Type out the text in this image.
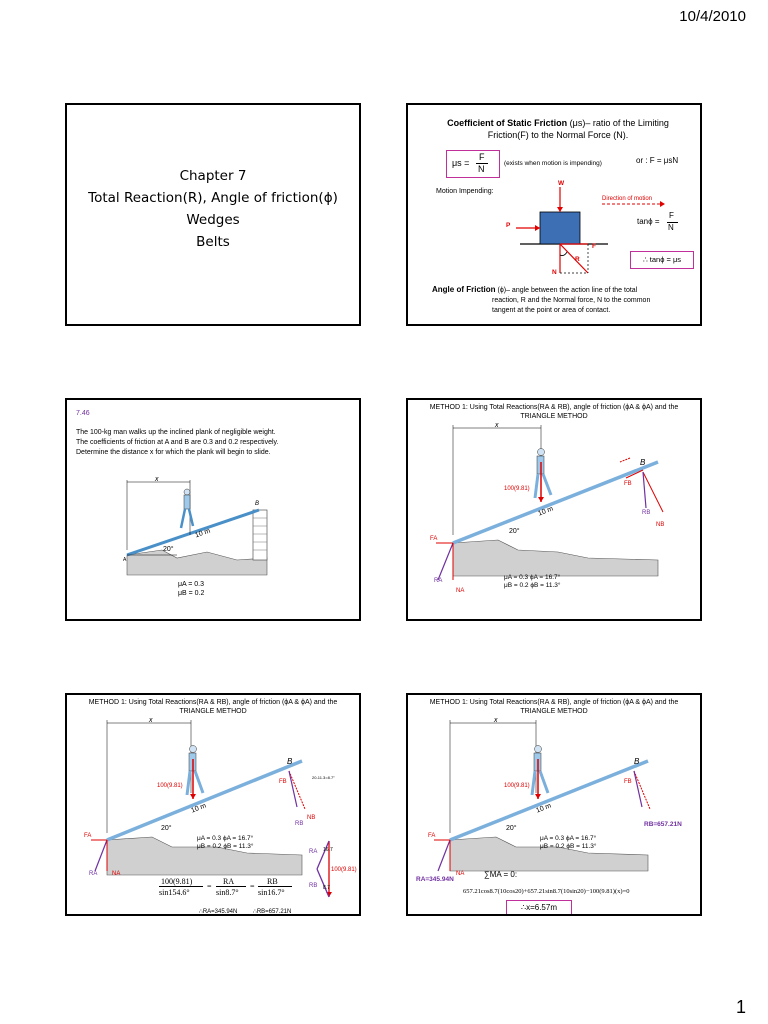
10/4/2010
Chapter 7
Total Reaction(R), Angle of friction(ϕ)
Wedges
Belts
Coefficient of Static Friction (μs)– ratio of the Limiting
Friction(F) to the Normal Force (N).
μs =
F
N
(exists when motion is impending)	or : F = μsN
Motion Impending:
Direction of motion
W
P
F
R
N
tanϕ =
F
N
∴ tanϕ = μs
Angle of Friction (ϕ)– angle between the action line of the total
reaction, R and the Normal force, N to the common
tangent at the point or area of contact.
7.46
The 100-kg man walks up the inclined plank of negligible weight.
The coefficients of friction at A and B are 0.3 and 0.2 respectively.
Determine the distance x for which the plank will begin to slide.
x
10 m
20°
A
B
μA = 0.3
μB = 0.2
METHOD 1: Using Total Reactions(RA & RB), angle of friction (ϕA & ϕA) and the
TRIANGLE METHOD
x
100(9.81)
10 m
20°
B
FA
NA
RA
FB
NB
RB
μA = 0.3 ϕA = 16.7°
μB = 0.2 ϕB = 11.3°
METHOD 1: Using Total Reactions(RA & RB), angle of friction (ϕA & ϕA) and the
TRIANGLE METHOD
x
100(9.81)
10 m
20°
B
20-11.3=8.7°
FB
NB
RB
FA
RA NA
μA = 0.3 ϕA = 16.7°
μB = 0.2 ϕB = 11.3°
RA
RB
16.7
8.7
100(9.81)
100(9.81)
sin154.6°
=
RA
sin8.7°
=
RB
sin16.7°
∴RA=345.94N	∴RB=657.21N
METHOD 1: Using Total Reactions(RA & RB), angle of friction (ϕA & ϕA) and the
TRIANGLE METHOD
x
100(9.81)
10 m
20°
B
FB
RB=657.21N
FA
RA=345.94N
NA
μA = 0.3 ϕA = 16.7°
μB = 0.2 ϕB = 11.3°
∑MA = 0:
657.21cos8.7(10cos20)+657.21sin8.7(10sin20)−100(9.81)(x)=0
∴x=6.57m
1
